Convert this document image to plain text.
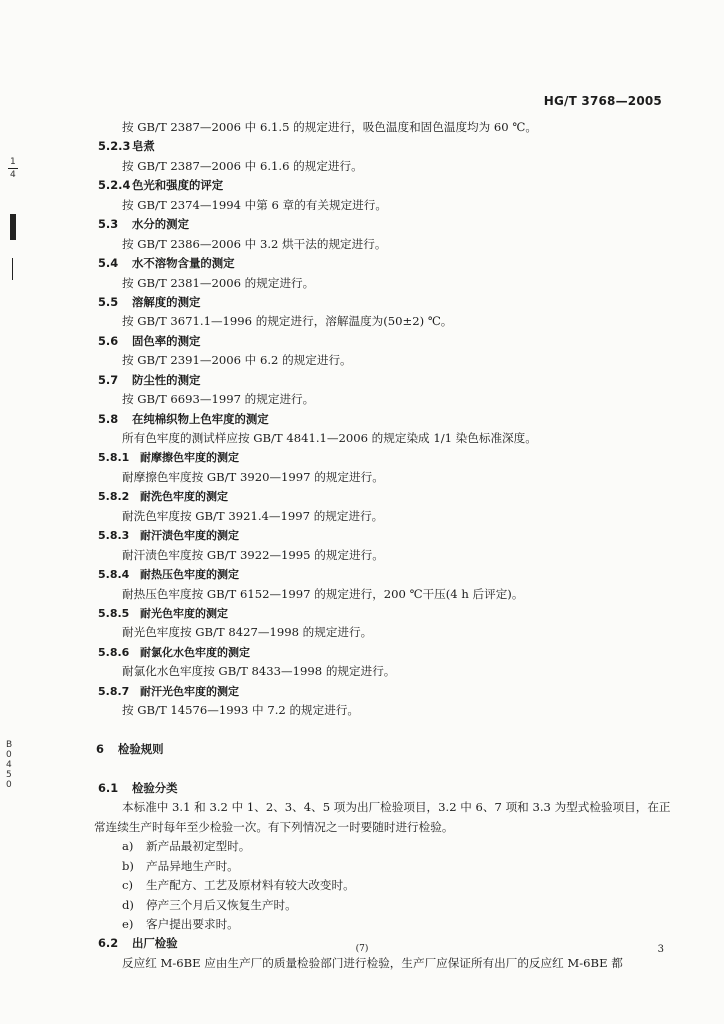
HG/T 3768—2005
1
4
B
0
4
5
0
按 GB/T 2387—2006 中 6.1.5 的规定进行，吸色温度和固色温度均为 60 ℃。
5.2.3 皂煮
按 GB/T 2387—2006 中 6.1.6 的规定进行。
5.2.4 色光和强度的评定
按 GB/T 2374—1994 中第 6 章的有关规定进行。
5.3 水分的测定
按 GB/T 2386—2006 中 3.2 烘干法的规定进行。
5.4 水不溶物含量的测定
按 GB/T 2381—2006 的规定进行。
5.5 溶解度的测定
按 GB/T 3671.1—1996 的规定进行，溶解温度为(50±2) ℃。
5.6 固色率的测定
按 GB/T 2391—2006 中 6.2 的规定进行。
5.7 防尘性的测定
按 GB/T 6693—1997 的规定进行。
5.8 在纯棉织物上色牢度的测定
所有色牢度的测试样应按 GB/T 4841.1—2006 的规定染成 1/1 染色标准深度。
5.8.1 耐摩擦色牢度的测定
耐摩擦色牢度按 GB/T 3920—1997 的规定进行。
5.8.2 耐洗色牢度的测定
耐洗色牢度按 GB/T 3921.4—1997 的规定进行。
5.8.3 耐汗渍色牢度的测定
耐汗渍色牢度按 GB/T 3922—1995 的规定进行。
5.8.4 耐热压色牢度的测定
耐热压色牢度按 GB/T 6152—1997 的规定进行，200 ℃干压(4 h 后评定)。
5.8.5 耐光色牢度的测定
耐光色牢度按 GB/T 8427—1998 的规定进行。
5.8.6 耐氯化水色牢度的测定
耐氯化水色牢度按 GB/T 8433—1998 的规定进行。
5.8.7 耐汗光色牢度的测定
按 GB/T 14576—1993 中 7.2 的规定进行。
6 检验规则
6.1 检验分类
本标准中 3.1 和 3.2 中 1、2、3、4、5 项为出厂检验项目，3.2 中 6、7 项和 3.3 为型式检验项目，在正
常连续生产时每年至少检验一次。有下列情况之一时要随时进行检验。
a) 新产品最初定型时。
b) 产品异地生产时。
c) 生产配方、工艺及原材料有较大改变时。
d) 停产三个月后又恢复生产时。
e) 客户提出要求时。
6.2 出厂检验
反应红 M-6BE 应由生产厂的质量检验部门进行检验，生产厂应保证所有出厂的反应红 M-6BE 都
(7)	3
